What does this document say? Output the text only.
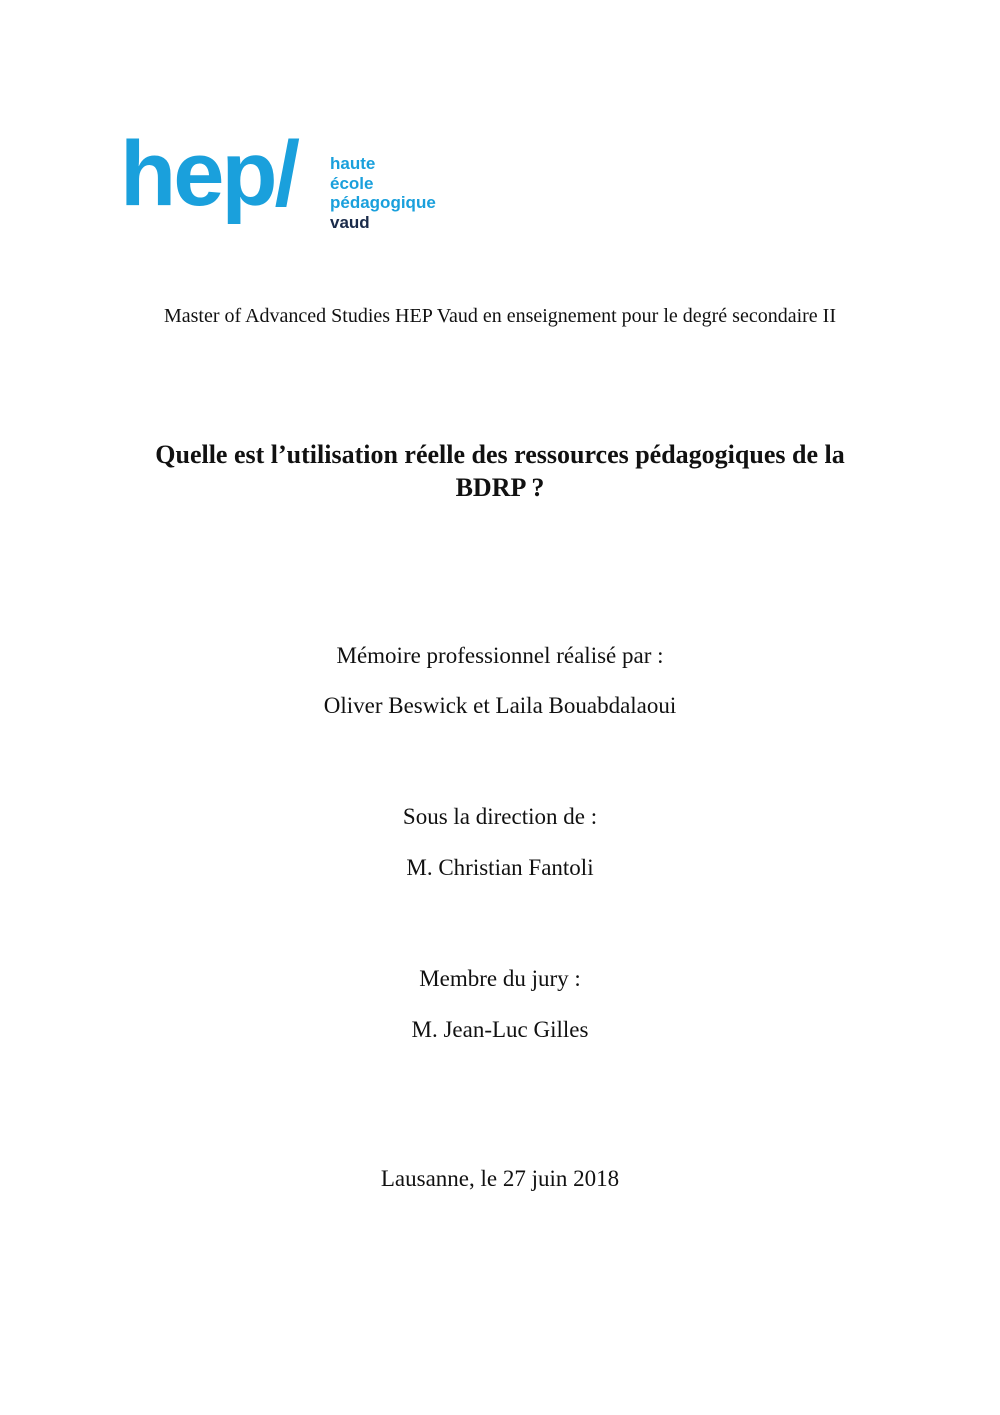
hep/ haute
école
pédagogique
vaud

Master of Advanced Studies HEP Vaud en enseignement pour le degré secondaire II

Quelle est l’utilisation réelle des ressources pédagogiques de la BDRP ?

Mémoire professionnel réalisé par :

Oliver Beswick et Laila Bouabdalaoui

Sous la direction de :

M. Christian Fantoli

Membre du jury :

M. Jean-Luc Gilles

Lausanne, le 27 juin 2018
